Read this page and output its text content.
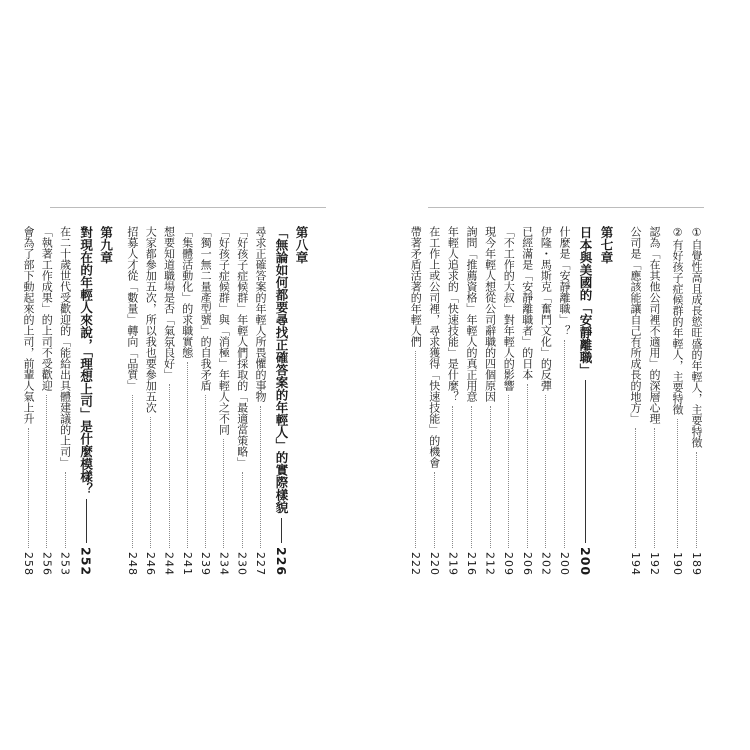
①自覺性高且成長慾旺盛的年輕人，主要特徵
189
②有好孩子症候群的年輕人，主要特徵
190
認為「在其他公司裡不適用」的深層心理
192
公司是「應該能讓自己有所成長的地方」
194
第七章
日本與美國的「安靜離職」
200
什麼是「安靜離職」？
200
伊隆・馬斯克「奮鬥文化」的反彈
202
已經滿是「安靜離職者」的日本
206
「不工作的大叔」對年輕人的影響
209
現今年輕人想從公司辭職的四個原因
212
詢問「推薦資格」年輕人的真正用意
216
年輕人追求的「快速技能」是什麼？
219
在工作上或公司裡，尋求獲得「快速技能」的機會
220
帶著矛盾活著的年輕人們
222
第八章
「無論如何都要尋找正確答案的年輕人」的實際樣貌
226
尋求正確答案的年輕人所畏懼的事物
227
「好孩子症候群」年輕人們採取的「最適當策略」
230
「好孩子症候群」與「消極」年輕人之不同
234
「獨一無二量產型號」的自我矛盾
239
「集體活動化」的求職實態
241
想要知道職場是否「氣氛良好」
244
大家都參加五次，所以我也要參加五次
246
招募人才從「數量」轉向「品質」
248
第九章
對現在的年輕人來說，「理想上司」是什麼模樣？
252
在二十歲世代受歡迎的「能給出具體建議的上司」
253
「執著工作成果」的上司不受歡迎
256
會為了部下動起來的上司，前輩人氣上升
258
